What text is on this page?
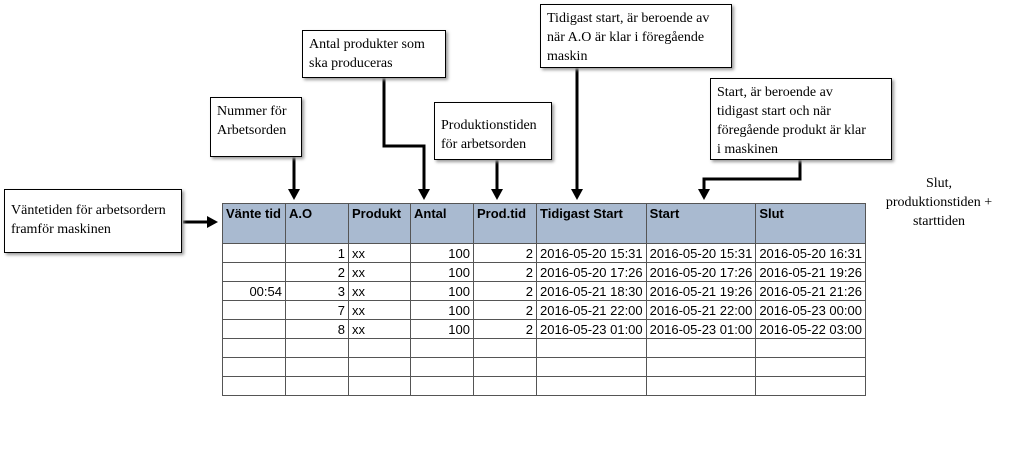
Väntetiden för arbetsordern
framför maskinen
Nummer för
Arbetsorden
Antal produkter som
ska produceras
Produktionstiden
för arbetsorden
Tidigast start, är beroende av
när A.O är klar i föregående
maskin
Start, är beroende av
tidigast start och när
föregående produkt är klar
i maskinen
Slut,
produktionstiden +
starttiden
Vänte tid	A.O	Produkt	Antal	Prod.tid	Tidigast Start	Start	Slut
	1	xx	100	2	2016-05-20 15:31	2016-05-20 15:31	2016-05-20 16:31
	2	xx	100	2	2016-05-20 17:26	2016-05-20 17:26	2016-05-21 19:26
00:54	3	xx	100	2	2016-05-21 18:30	2016-05-21 19:26	2016-05-21 21:26
	7	xx	100	2	2016-05-21 22:00	2016-05-21 22:00	2016-05-23 00:00
	8	xx	100	2	2016-05-23 01:00	2016-05-23 01:00	2016-05-22 03:00
